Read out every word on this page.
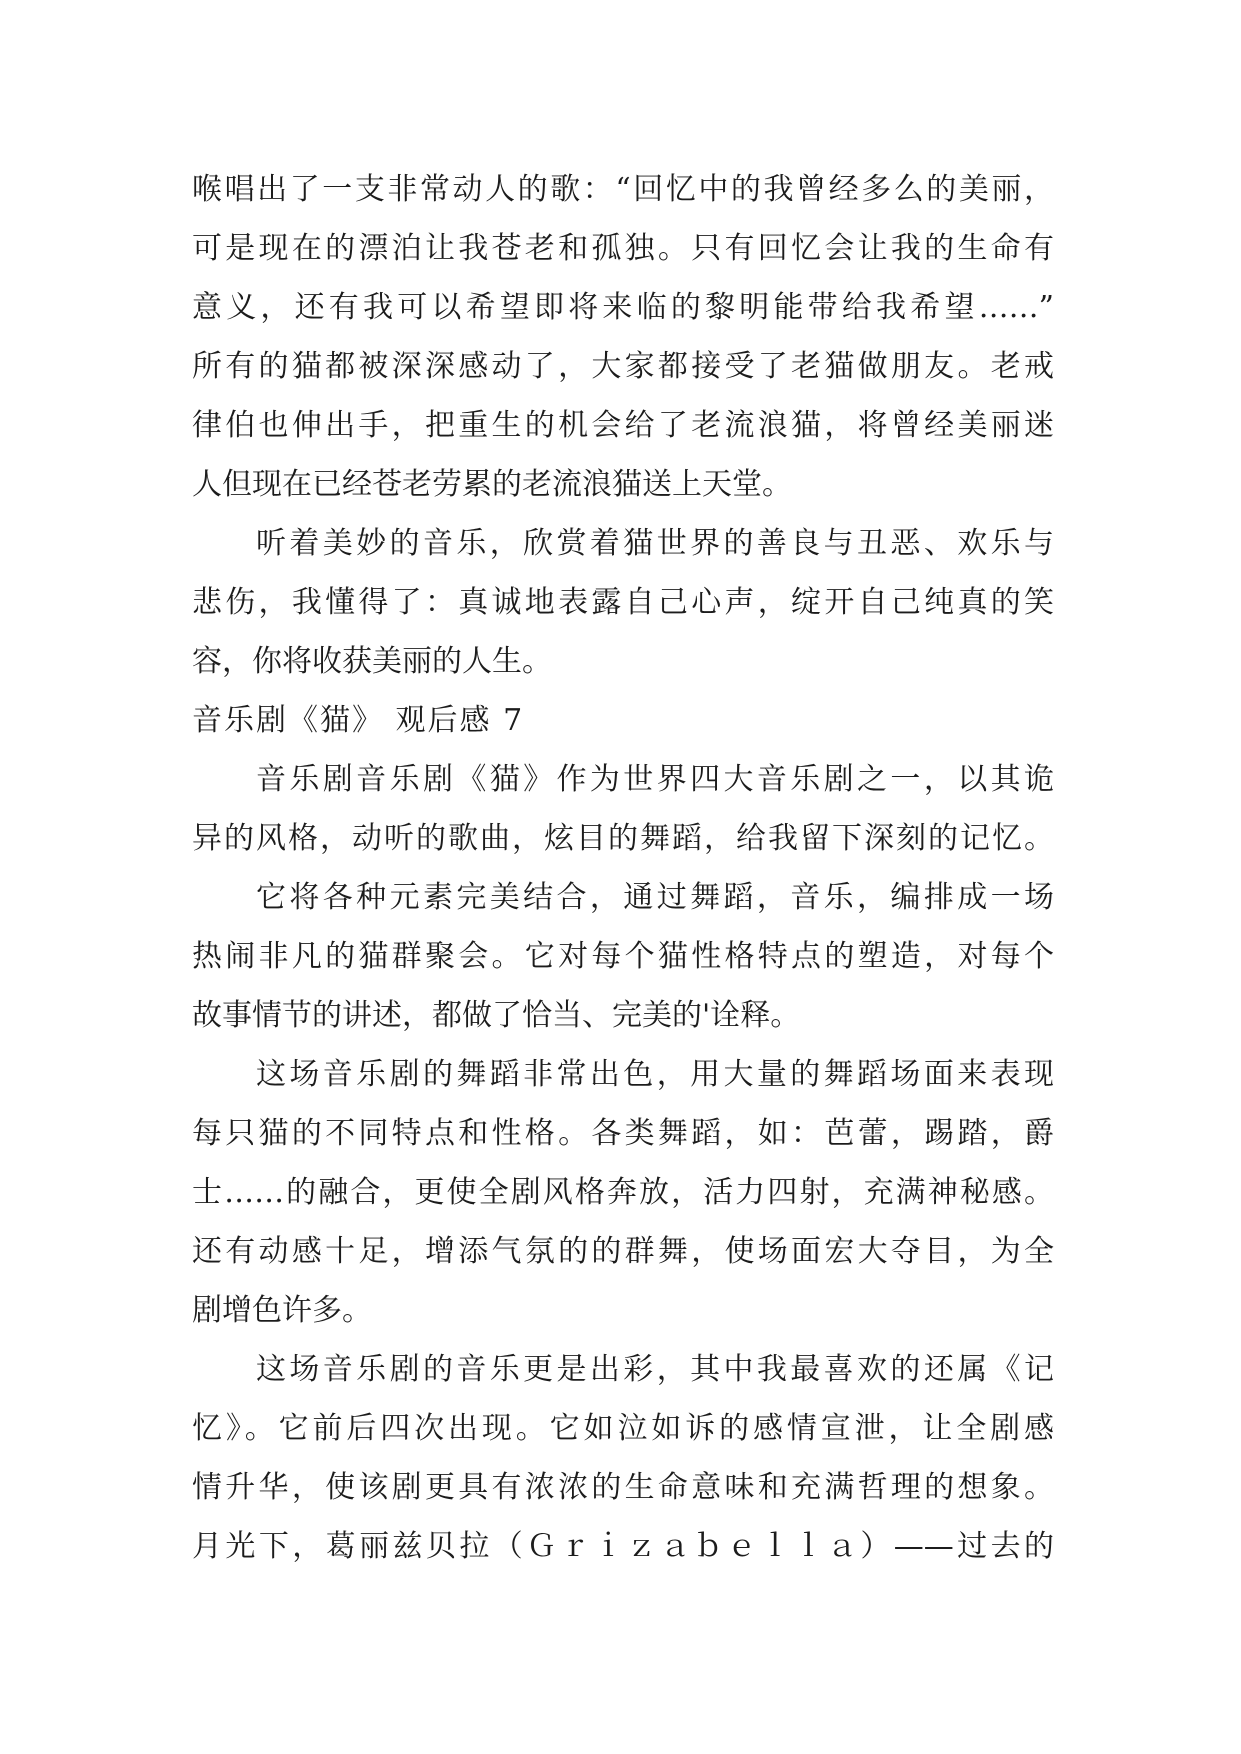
喉唱出了一支非常动人的歌：“回忆中的我曾经多么的美丽，
可是现在的漂泊让我苍老和孤独。只有回忆会让我的生命有
意义，还有我可以希望即将来临的黎明能带给我希望……”
所有的猫都被深深感动了，大家都接受了老猫做朋友。老戒
律伯也伸出手，把重生的机会给了老流浪猫，将曾经美丽迷
人但现在已经苍老劳累的老流浪猫送上天堂。
听着美妙的音乐，欣赏着猫世界的善良与丑恶、欢乐与
悲伤，我懂得了：真诚地表露自己心声，绽开自己纯真的笑
容，你将收获美丽的人生。
音乐剧《猫》 观后感 7
音乐剧音乐剧《猫》作为世界四大音乐剧之一，以其诡
异的风格，动听的歌曲，炫目的舞蹈，给我留下深刻的记忆。
它将各种元素完美结合，通过舞蹈，音乐，编排成一场
热闹非凡的猫群聚会。它对每个猫性格特点的塑造，对每个
故事情节的讲述，都做了恰当、完美的'诠释。
这场音乐剧的舞蹈非常出色，用大量的舞蹈场面来表现
每只猫的不同特点和性格。各类舞蹈，如：芭蕾，踢踏，爵
士……的融合，更使全剧风格奔放，活力四射，充满神秘感。
还有动感十足，增添气氛的的群舞，使场面宏大夺目，为全
剧增色许多。
这场音乐剧的音乐更是出彩，其中我最喜欢的还属《记
忆》。它前后四次出现。它如泣如诉的感情宣泄，让全剧感
情升华，使该剧更具有浓浓的生命意味和充满哲理的想象。
月光下，葛丽兹贝拉（Ｇｒｉｚａｂｅｌｌａ）——过去的
